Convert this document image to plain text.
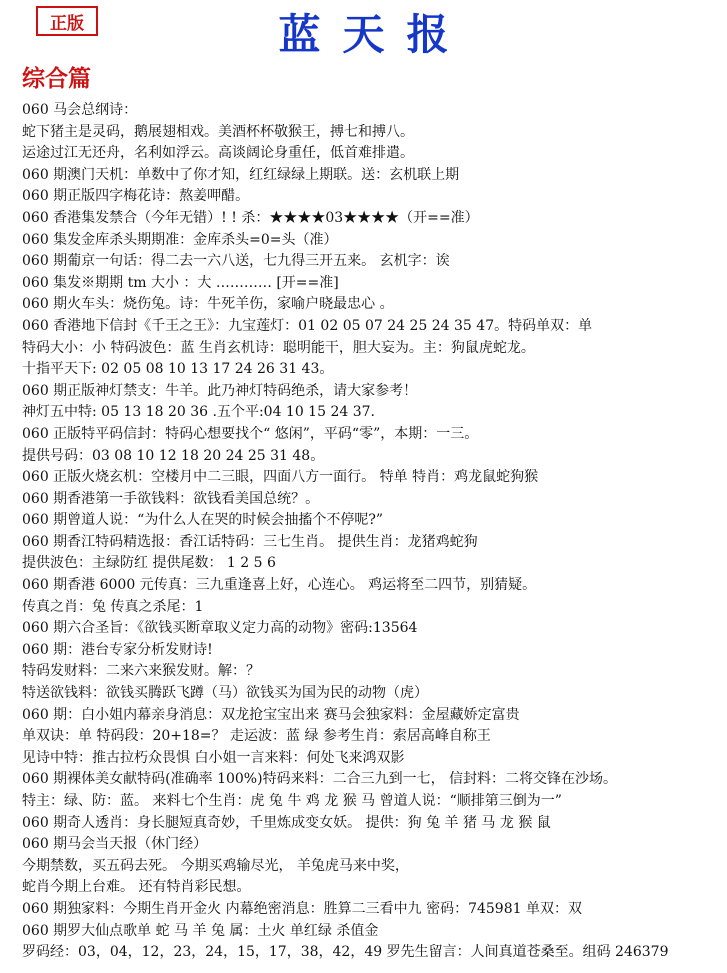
正版	蓝天报
综合篇
060 马会总纲诗：
蛇下猪主是灵码，鹅展翅相戏。美酒杯杯敬猴王，搏七和搏八。
运途过江无还舟，名利如浮云。高谈阔论身重任，低首难排遣。
060 期澳门天机：单数中了你才知，红红绿绿上期联。送：玄机联上期
060 期正版四字梅花诗：熬姜呷醋。
060 香港集发禁合（今年无错）! ! 杀：★★★★03★★★★（开==准）
060 集发金库杀头期期准：金库杀头=0=头（准）
060 期葡京一句话：得二去一六八送，七九得三开五来。 玄机字：诶
060 集发※期期 tm 大小 ：大 ………… [开==准]
060 期火车头：烧伤兔。诗：牛死羊伤，家喻户晓最忠心 。
060 香港地下信封《千王之王》：九宝莲灯：01 02 05 07 24 25 24 35 47。特码单双：单
特码大小：小 特码波色：蓝 生肖玄机诗：聪明能干，胆大妄为。主：狗鼠虎蛇龙。
十指平天下: 02 05 08 10 13 17 24 26 31 43。
060 期正版神灯禁支：牛羊。此乃神灯特码绝杀，请大家参考！
神灯五中特: 05 13 18 20 36 .五个平:04 10 15 24 37.
060 正版特平码信封：特码心想要找个“ 悠闲”，平码“零”，本期：一三。
提供号码：03 08 10 12 18 20 24 25 31 48。
060 正版火烧玄机：空楼月中二三眼，四面八方一面行。 特单 特肖：鸡龙鼠蛇狗猴
060 期香港第一手欲钱料：欲钱看美国总统？。
060 期曾道人说：“为什么人在哭的时候会抽搐个不停呢?”
060 期香江特码精选报：香江话特码：三七生肖。 提供生肖：龙猪鸡蛇狗
提供波色：主绿防红 提供尾数： 1 2 5 6
060 期香港 6000 元传真：三九重逢喜上好，心连心。 鸡运将至二四节，别猜疑。
传真之肖：兔 传真之杀尾：1
060 期六合圣旨：《欲钱买断章取义定力高的动物》密码:13564
060 期：港台专家分析发财诗!
特码发财料：二来六来猴发财。解：？
特送欲钱料：欲钱买腾跃飞蹲（马）欲钱买为国为民的动物（虎）
060 期：白小姐内幕亲身消息：双龙抢宝宝出来 赛马会独家料：金屋藏娇定富贵
单双诀：单 特码段：20+18=？ 走运波：蓝 绿 参考生肖：索居高峰自称王
见诗中特：推古拉朽众畏惧 白小姐一言来料：何处飞来鸿双影
060 期裸体美女献特码(准确率 100%)特码来料：二合三九到一七， 信封料：二将交锋在沙场。
特主：绿、防：蓝。 来料七个生肖：虎 兔 牛 鸡 龙 猴 马 曾道人说：“顺排第三倒为一”
060 期奇人透肖：身长腿短真奇妙，千里炼成变女妖。 提供：狗 兔 羊 猪 马 龙 猴 鼠
060 期马会当天报（休门经）
今期禁数，买五码去死。 今期买鸡输尽光， 羊兔虎马来中奖，
蛇肖今期上台难。 还有特肖彩民想。
060 期独家料：今期生肖开金火 内幕绝密消息：胜算二三看中九 密码：745981 单双：双
060 期罗大仙点歌单 蛇 马 羊 兔 属：土火 单红绿 杀值金
罗码经：03，04，12，23，24，15，17，38，42，49 罗先生留言：人间真道苍桑至。组码 246379
